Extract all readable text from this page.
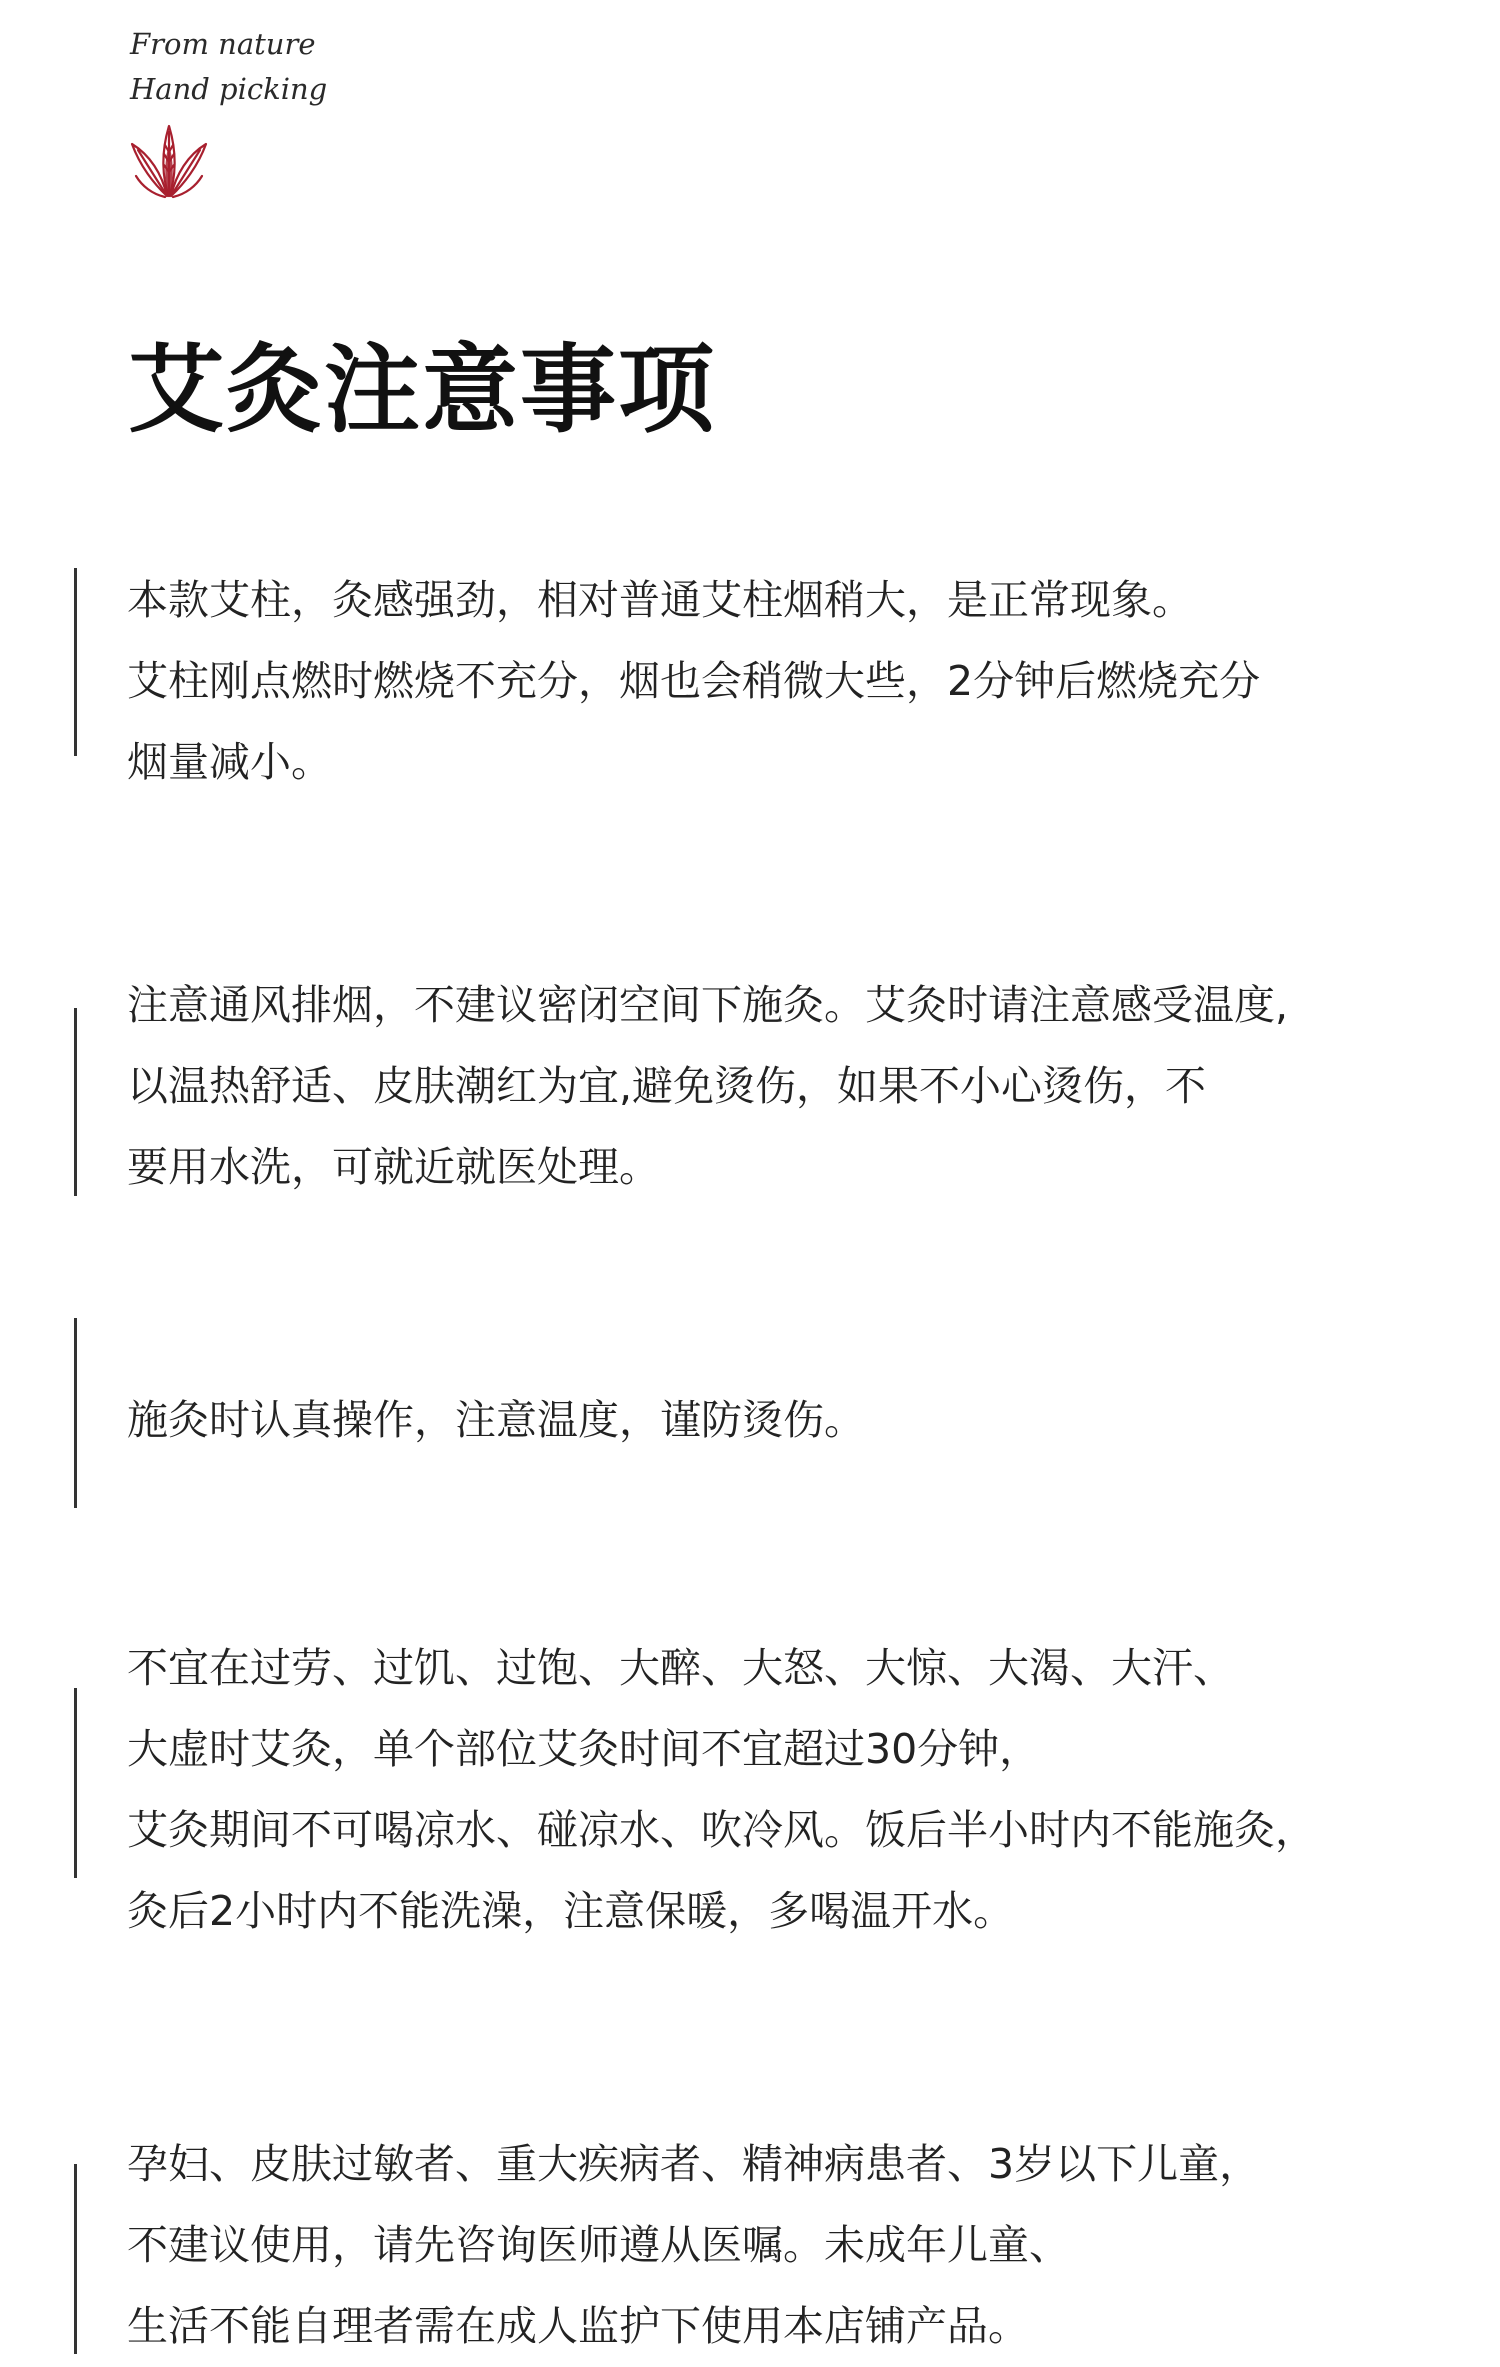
From nature
Hand picking
艾灸注意事项

本款艾柱，灸感强劲，相对普通艾柱烟稍大，是正常现象。

艾柱刚点燃时燃烧不充分，烟也会稍微大些，2分钟后燃烧充分

烟量减小。

注意通风排烟，不建议密闭空间下施灸。艾灸时请注意感受温度,

以温热舒适、皮肤潮红为宜,避免烫伤，如果不小心烫伤，不

要用水洗，可就近就医处理。

施灸时认真操作，注意温度，谨防烫伤。

不宜在过劳、过饥、过饱、大醉、大怒、大惊、大渴、大汗、

大虚时艾灸，单个部位艾灸时间不宜超过30分钟，

艾灸期间不可喝凉水、碰凉水、吹冷风。饭后半小时内不能施灸，

灸后2小时内不能洗澡，注意保暖，多喝温开水。

孕妇、皮肤过敏者、重大疾病者、精神病患者、3岁以下儿童，

不建议使用，请先咨询医师遵从医嘱。未成年儿童、

生活不能自理者需在成人监护下使用本店铺产品。
